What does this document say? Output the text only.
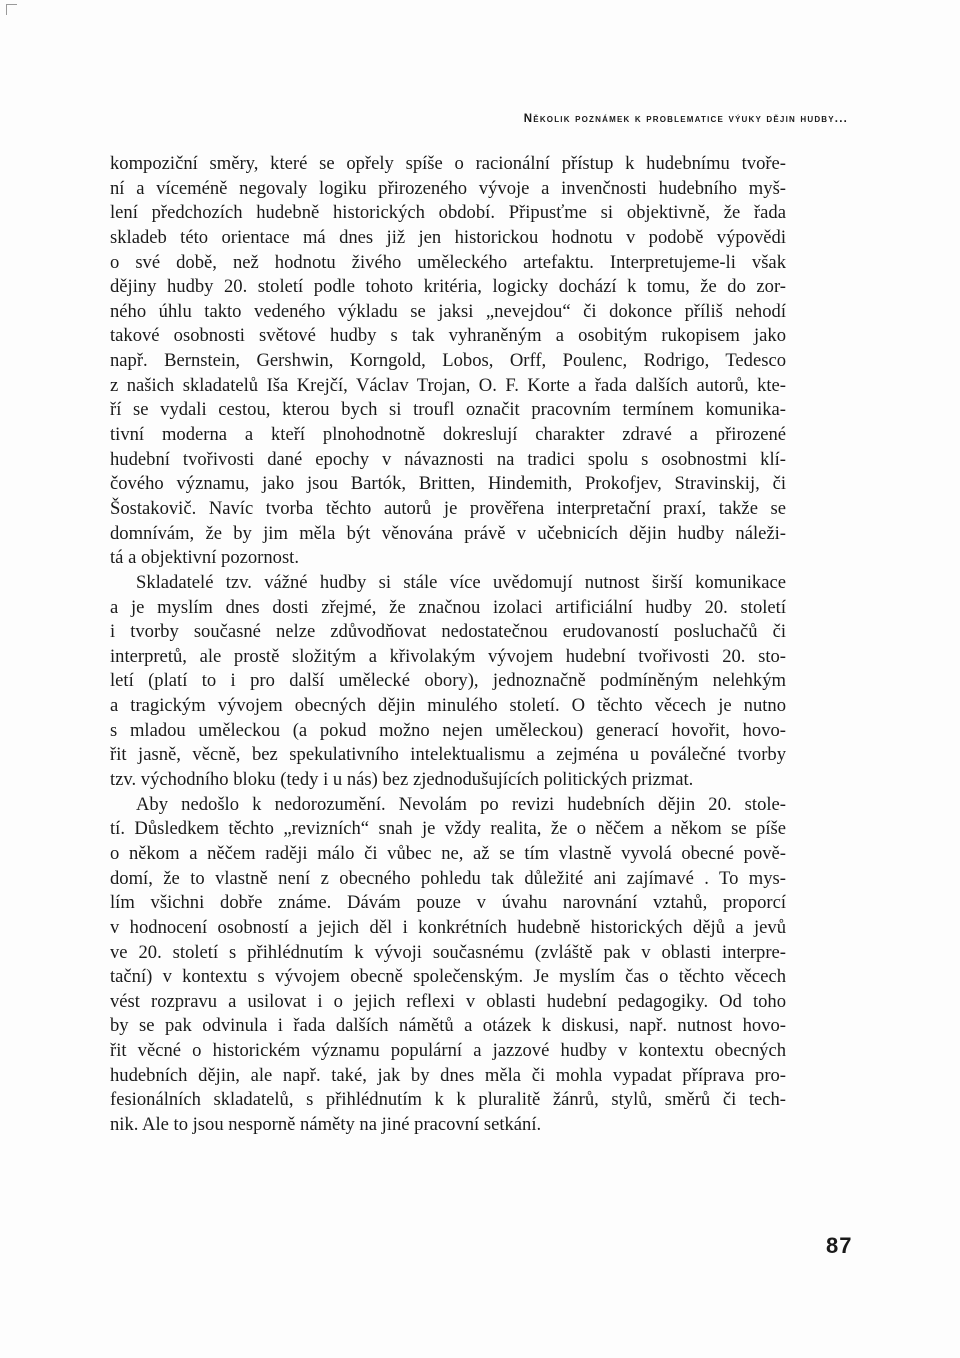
Několik poznámek k problematice výuky dějin hudby...
kompoziční směry, které se opřely spíše o racionální přístup k hudebnímu tvoře-
ní a víceméně negovaly logiku přirozeného vývoje a invenčnosti hudebního myš-
lení předchozích hudebně historických období. Připusťme si objektivně, že řada
skladeb této orientace má dnes již jen historickou hodnotu v podobě výpovědi
o své době, než hodnotu živého uměleckého artefaktu. Interpretujeme-li však
dějiny hudby 20. století podle tohoto kritéria, logicky dochází k tomu, že do zor-
ného úhlu takto vedeného výkladu se jaksi „nevejdou“ či dokonce příliš nehodí
takové osobnosti světové hudby s tak vyhraněným a osobitým rukopisem jako
např. Bernstein, Gershwin, Korngold, Lobos, Orff, Poulenc, Rodrigo, Tedesco
z našich skladatelů Iša Krejčí, Václav Trojan, O. F. Korte a řada dalších autorů, kte-
ří se vydali cestou, kterou bych si troufl označit pracovním termínem komunika-
tivní moderna a kteří plnohodnotně dokreslují charakter zdravé a přirozené
hudební tvořivosti dané epochy v návaznosti na tradici spolu s osobnostmi klí-
čového významu, jako jsou Bartók, Britten, Hindemith, Prokofjev, Stravinskij, či
Šostakovič. Navíc tvorba těchto autorů je prověřena interpretační praxí, takže se
domnívám, že by jim měla být věnována právě v učebnicích dějin hudby náleži-
tá a objektivní pozornost.
Skladatelé tzv. vážné hudby si stále více uvědomují nutnost širší komunikace
a je myslím dnes dosti zřejmé, že značnou izolaci artificiální hudby 20. století
i tvorby současné nelze zdůvodňovat nedostatečnou erudovaností posluchačů či
interpretů, ale prostě složitým a křivolakým vývojem hudební tvořivosti 20. sto-
letí (platí to i pro další umělecké obory), jednoznačně podmíněným nelehkým
a tragickým vývojem obecných dějin minulého století. O těchto věcech je nutno
s mladou uměleckou (a pokud možno nejen uměleckou) generací hovořit, hovo-
řit jasně, věcně, bez spekulativního intelektualismu a zejména u poválečné tvorby
tzv. východního bloku (tedy i u nás) bez zjednodušujících politických prizmat.
Aby nedošlo k nedorozumění. Nevolám po revizi hudebních dějin 20. stole-
tí. Důsledkem těchto „revizních“ snah je vždy realita, že o něčem a někom se píše
o někom a něčem raději málo či vůbec ne, až se tím vlastně vyvolá obecné pově-
domí, že to vlastně není z obecného pohledu tak důležité ani zajímavé . To mys-
lím všichni dobře známe. Dávám pouze v úvahu narovnání vztahů, proporcí
v hodnocení osobností a jejich děl i konkrétních hudebně historických dějů a jevů
ve 20. století s přihlédnutím k vývoji současnému (zvláště pak v oblasti interpre-
tační) v kontextu s vývojem obecně společenským. Je myslím čas o těchto věcech
vést rozpravu a usilovat i o jejich reflexi v oblasti hudební pedagogiky. Od toho
by se pak odvinula i řada dalších námětů a otázek k diskusi, např. nutnost hovo-
řit věcné o historickém významu populární a jazzové hudby v kontextu obecných
hudebních dějin, ale např. také, jak by dnes měla či mohla vypadat příprava pro-
fesionálních skladatelů, s přihlédnutím k k pluralitě žánrů, stylů, směrů či tech-
nik. Ale to jsou nesporně náměty na jiné pracovní setkání.
87
